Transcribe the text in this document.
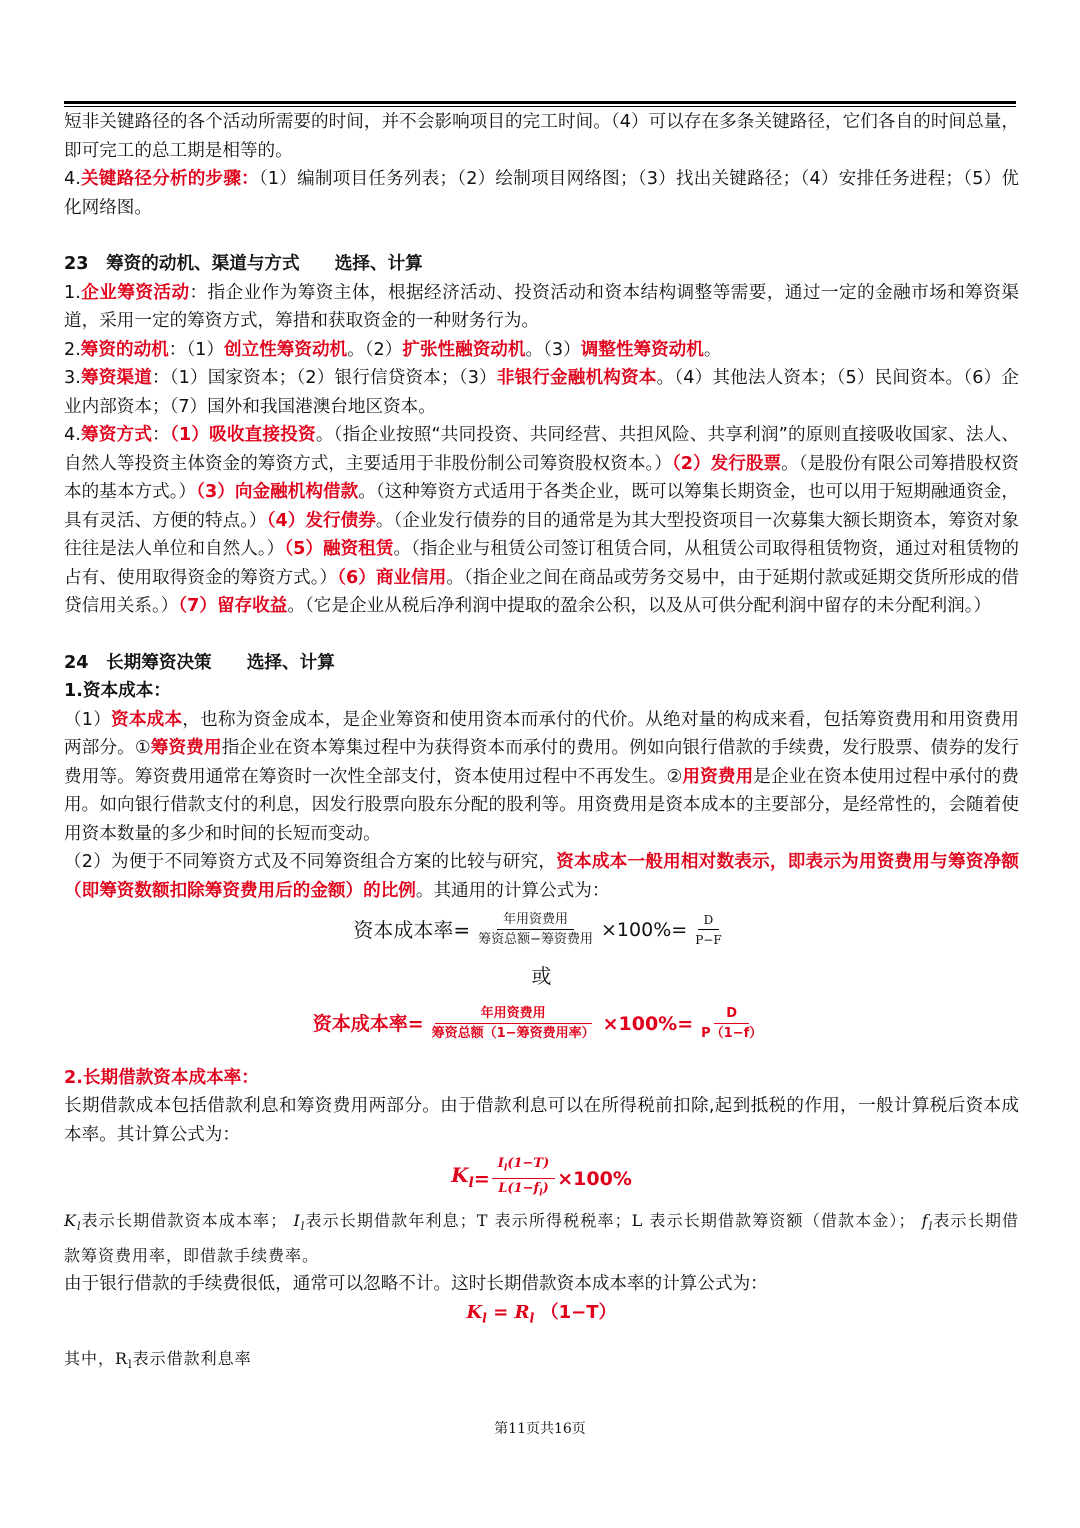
短非关键路径的各个活动所需要的时间，并不会影响项目的完工时间。（4）可以存在多条关键路径，它们各自的时间总量，即可完工的总工期是相等的。

4.关键路径分析的步骤：（1）编制项目任务列表；（2）绘制项目网络图；（3）找出关键路径；（4）安排任务进程；（5）优化网络图。

23　筹资的动机、渠道与方式　　选择、计算

1.企业筹资活动：指企业作为筹资主体，根据经济活动、投资活动和资本结构调整等需要，通过一定的金融市场和筹资渠道，采用一定的筹资方式，筹措和获取资金的一种财务行为。

2.筹资的动机：（1）创立性筹资动机。（2）扩张性融资动机。（3）调整性筹资动机。

3.筹资渠道：（1）国家资本；（2）银行信贷资本；（3）非银行金融机构资本。（4）其他法人资本；（5）民间资本。（6）企业内部资本；（7）国外和我国港澳台地区资本。

4.筹资方式：（1）吸收直接投资。（指企业按照“共同投资、共同经营、共担风险、共享利润”的原则直接吸收国家、法人、自然人等投资主体资金的筹资方式，主要适用于非股份制公司筹资股权资本。）（2）发行股票。（是股份有限公司筹措股权资本的基本方式。）（3）向金融机构借款。（这种筹资方式适用于各类企业，既可以筹集长期资金，也可以用于短期融通资金，具有灵活、方便的特点。）（4）发行债券。（企业发行债券的目的通常是为其大型投资项目一次募集大额长期资本，筹资对象往往是法人单位和自然人。）（5）融资租赁。（指企业与租赁公司签订租赁合同，从租赁公司取得租赁物资，通过对租赁物的占有、使用取得资金的筹资方式。）（6）商业信用。（指企业之间在商品或劳务交易中，由于延期付款或延期交货所形成的借贷信用关系。）（7）留存收益。（它是企业从税后净利润中提取的盈余公积，以及从可供分配利润中留存的未分配利润。）

24　长期筹资决策　　选择、计算

1.资本成本：

（1）资本成本，也称为资金成本，是企业筹资和使用资本而承付的代价。从绝对量的构成来看，包括筹资费用和用资费用两部分。①筹资费用指企业在资本筹集过程中为获得资本而承付的费用。例如向银行借款的手续费，发行股票、债券的发行费用等。筹资费用通常在筹资时一次性全部支付，资本使用过程中不再发生。②用资费用是企业在资本使用过程中承付的费用。如向银行借款支付的利息，因发行股票向股东分配的股利等。用资费用是资本成本的主要部分，是经常性的，会随着使用资本数量的多少和时间的长短而变动。

（2）为便于不同筹资方式及不同筹资组合方案的比较与研究，资本成本一般用相对数表示，即表示为用资费用与筹资净额（即筹资数额扣除筹资费用后的金额）的比例。其通用的计算公式为：

资本成本率= $\frac{\text{年用资费用}}{\text{筹资总额−筹资费用}} \times 100\%= \frac{D}{P-F}$
或
资本成本率= $\frac{\text{年用资费用}}{\text{筹资总额（1−筹资费用率）}} \times 100\%= \frac{D}{P(1-f)}$

2.长期借款资本成本率：

长期借款成本包括借款利息和筹资费用两部分。由于借款利息可以在所得税前扣除,起到抵税的作用，一般计算税后资本成本率。其计算公式为：

$K_l = \frac{I_l(1-T)}{L(1-f_l)} \times 100\%$

$K_l$表示长期借款资本成本率； $I_l$表示长期借款年利息；T 表示所得税税率；L 表示长期借款筹资额（借款本金）； $f_l$表示长期借款筹资费用率，即借款手续费率。

由于银行借款的手续费很低，通常可以忽略不计。这时长期借款资本成本率的计算公式为：

$K_l = R_l$ （1−T）

其中，$R_l$表示借款利息率

第11页共16页
